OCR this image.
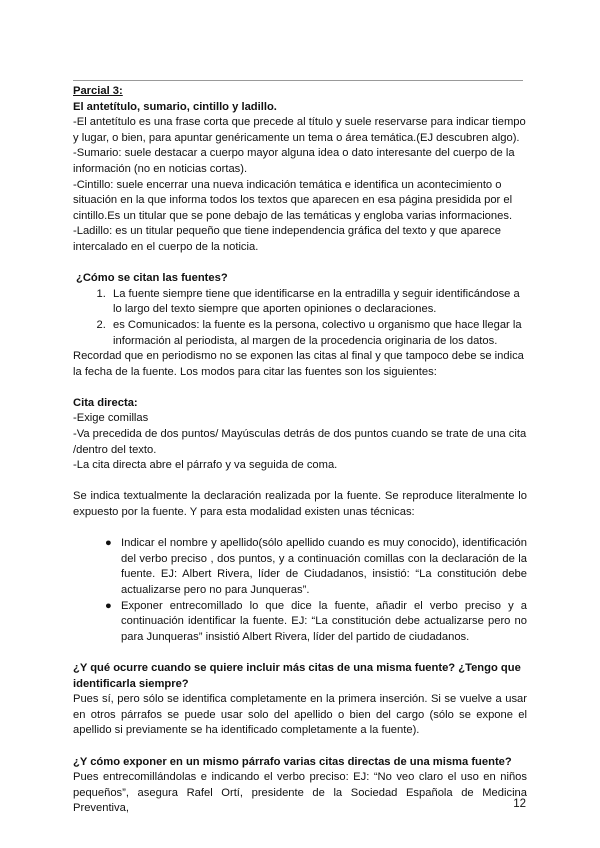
Parcial 3:

El antetítulo, sumario, cintillo y ladillo.

-El antetítulo es una frase corta que precede al título y suele reservarse para indicar tiempo y lugar, o bien, para apuntar genéricamente un tema o área temática.(EJ descubren algo).

-Sumario: suele destacar a cuerpo mayor alguna idea o dato interesante del cuerpo de la información (no en noticias cortas).

-Cintillo: suele encerrar una nueva indicación temática e identifica un acontecimiento o situación en la que informa todos los textos que aparecen en esa página presidida por el cintillo.Es un titular que se pone debajo de las temáticas y engloba varias informaciones.

-Ladillo: es un titular pequeño que tiene independencia gráfica del texto y que aparece intercalado en el cuerpo de la noticia.

¿Cómo se citan las fuentes?

1. La fuente siempre tiene que identificarse en la entradilla y seguir identificándose a lo largo del texto siempre que aporten opiniones o declaraciones.
2. es Comunicados: la fuente es la persona, colectivo u organismo que hace llegar la información al periodista, al margen de la procedencia originaria de los datos.

Recordad que en periodismo no se exponen las citas al final y que tampoco debe se indica la fecha de la fuente. Los modos para citar las fuentes son los siguientes:

Cita directa:

-Exige comillas

-Va precedida de dos puntos/ Mayúsculas detrás de dos puntos cuando se trate de una cita /dentro del texto.

-La cita directa abre el párrafo y va seguida de coma.

Se indica textualmente la declaración realizada por la fuente. Se reproduce literalmente lo expuesto por la fuente. Y para esta modalidad existen unas técnicas:

● Indicar el nombre y apellido(sólo apellido cuando es muy conocido), identificación del verbo preciso , dos puntos, y a continuación comillas con la declaración de la fuente. EJ: Albert Rivera, líder de Ciudadanos, insistió: “La constitución debe actualizarse pero no para Junqueras”.
● Exponer entrecomillado lo que dice la fuente, añadir el verbo preciso y a continuación identificar la fuente. EJ: “La constitución debe actualizarse pero no para Junqueras” insistió Albert Rivera, líder del partido de ciudadanos.

¿Y qué ocurre cuando se quiere incluir más citas de una misma fuente? ¿Tengo que identificarla siempre?

Pues sí, pero sólo se identifica completamente en la primera inserción. Si se vuelve a usar en otros párrafos se puede usar solo del apellido o bien del cargo (sólo se expone el apellido si previamente se ha identificado completamente a la fuente).

¿Y cómo exponer en un mismo párrafo varias citas directas de una misma fuente?

Pues entrecomillándolas e indicando el verbo preciso: EJ: “No veo claro el uso en niños pequeños”, asegura Rafel Ortí, presidente de la Sociedad Española de Medicina Preventiva,	12
